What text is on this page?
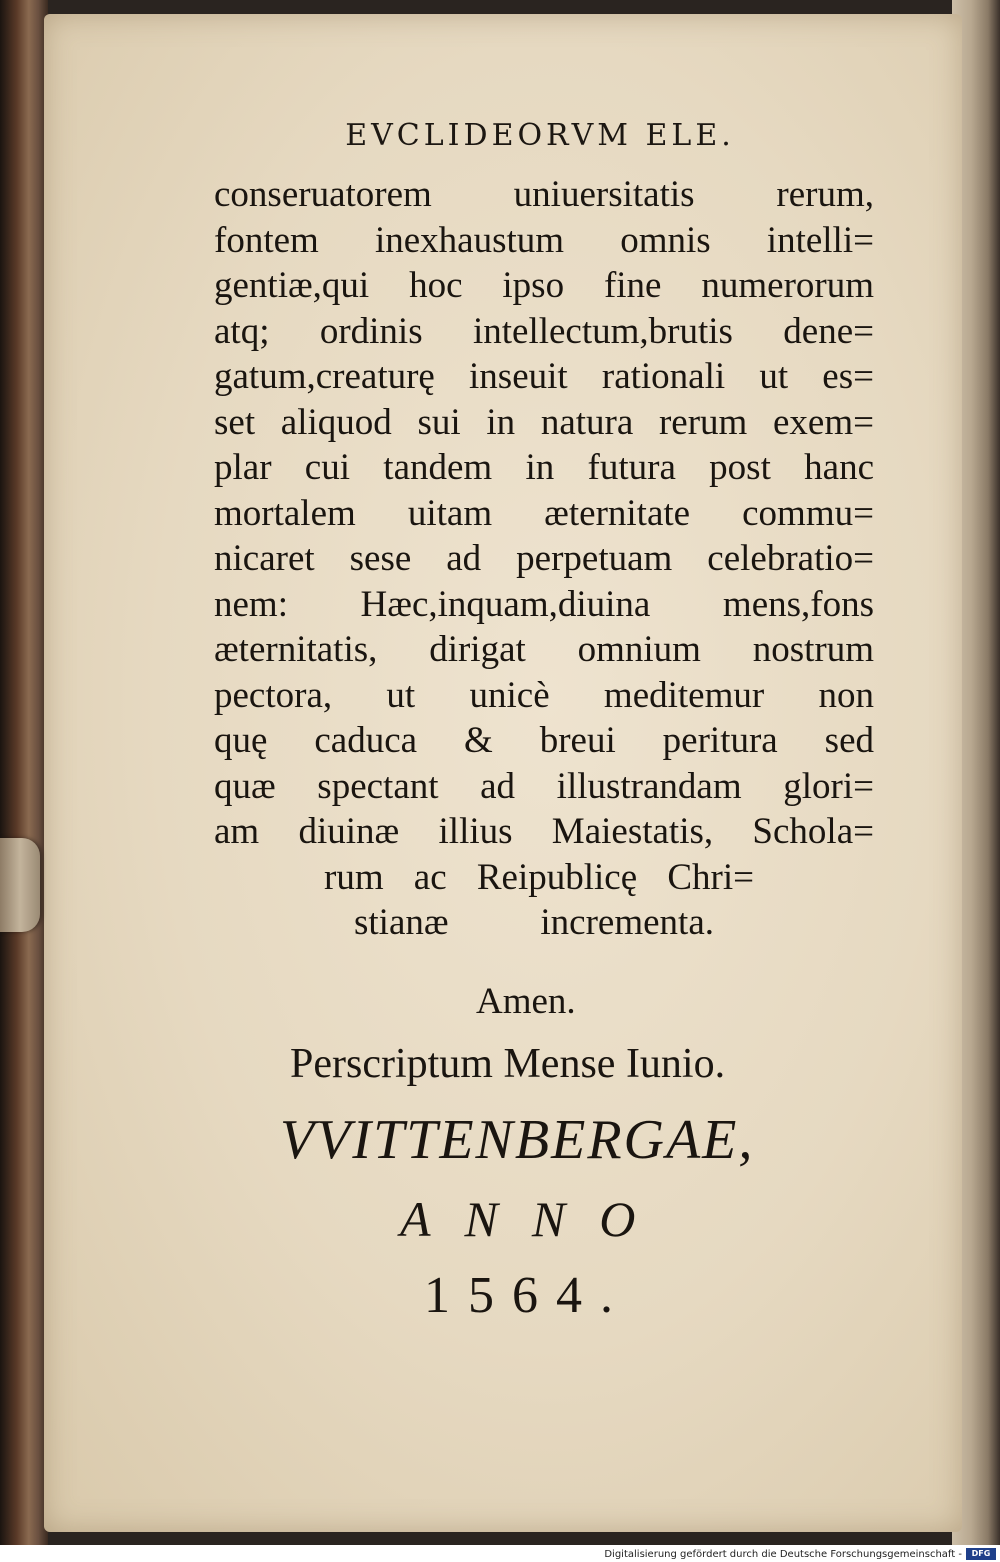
EVCLIDEORVM ELE.
conseruatorem uniuersitatis rerum,
fontem inexhaustum omnis intelli=
gentiæ,qui hoc ipso fine numerorum
atq; ordinis intellectum,brutis dene=
gatum,creaturę inseuit rationali ut es=
set aliquod sui in natura rerum exem=
plar cui tandem in futura post hanc
mortalem uitam æternitate commu=
nicaret sese ad perpetuam celebratio=
nem: Hæc,inquam,diuina mens,fons
æternitatis, dirigat omnium nostrum
pectora, ut unicè meditemur non
quę caduca & breui peritura sed
quæ spectant ad illustrandam glori=
am diuinæ illius Maiestatis, Schola=
rum ac Reipublicę Chri=
stianæ incrementa.
Amen.
Perscriptum Mense Iunio.
VVITTENBERGAE,
ANNO
1564.
Digitalisierung gefördert durch die Deutsche Forschungsgemeinschaft -	DFG
